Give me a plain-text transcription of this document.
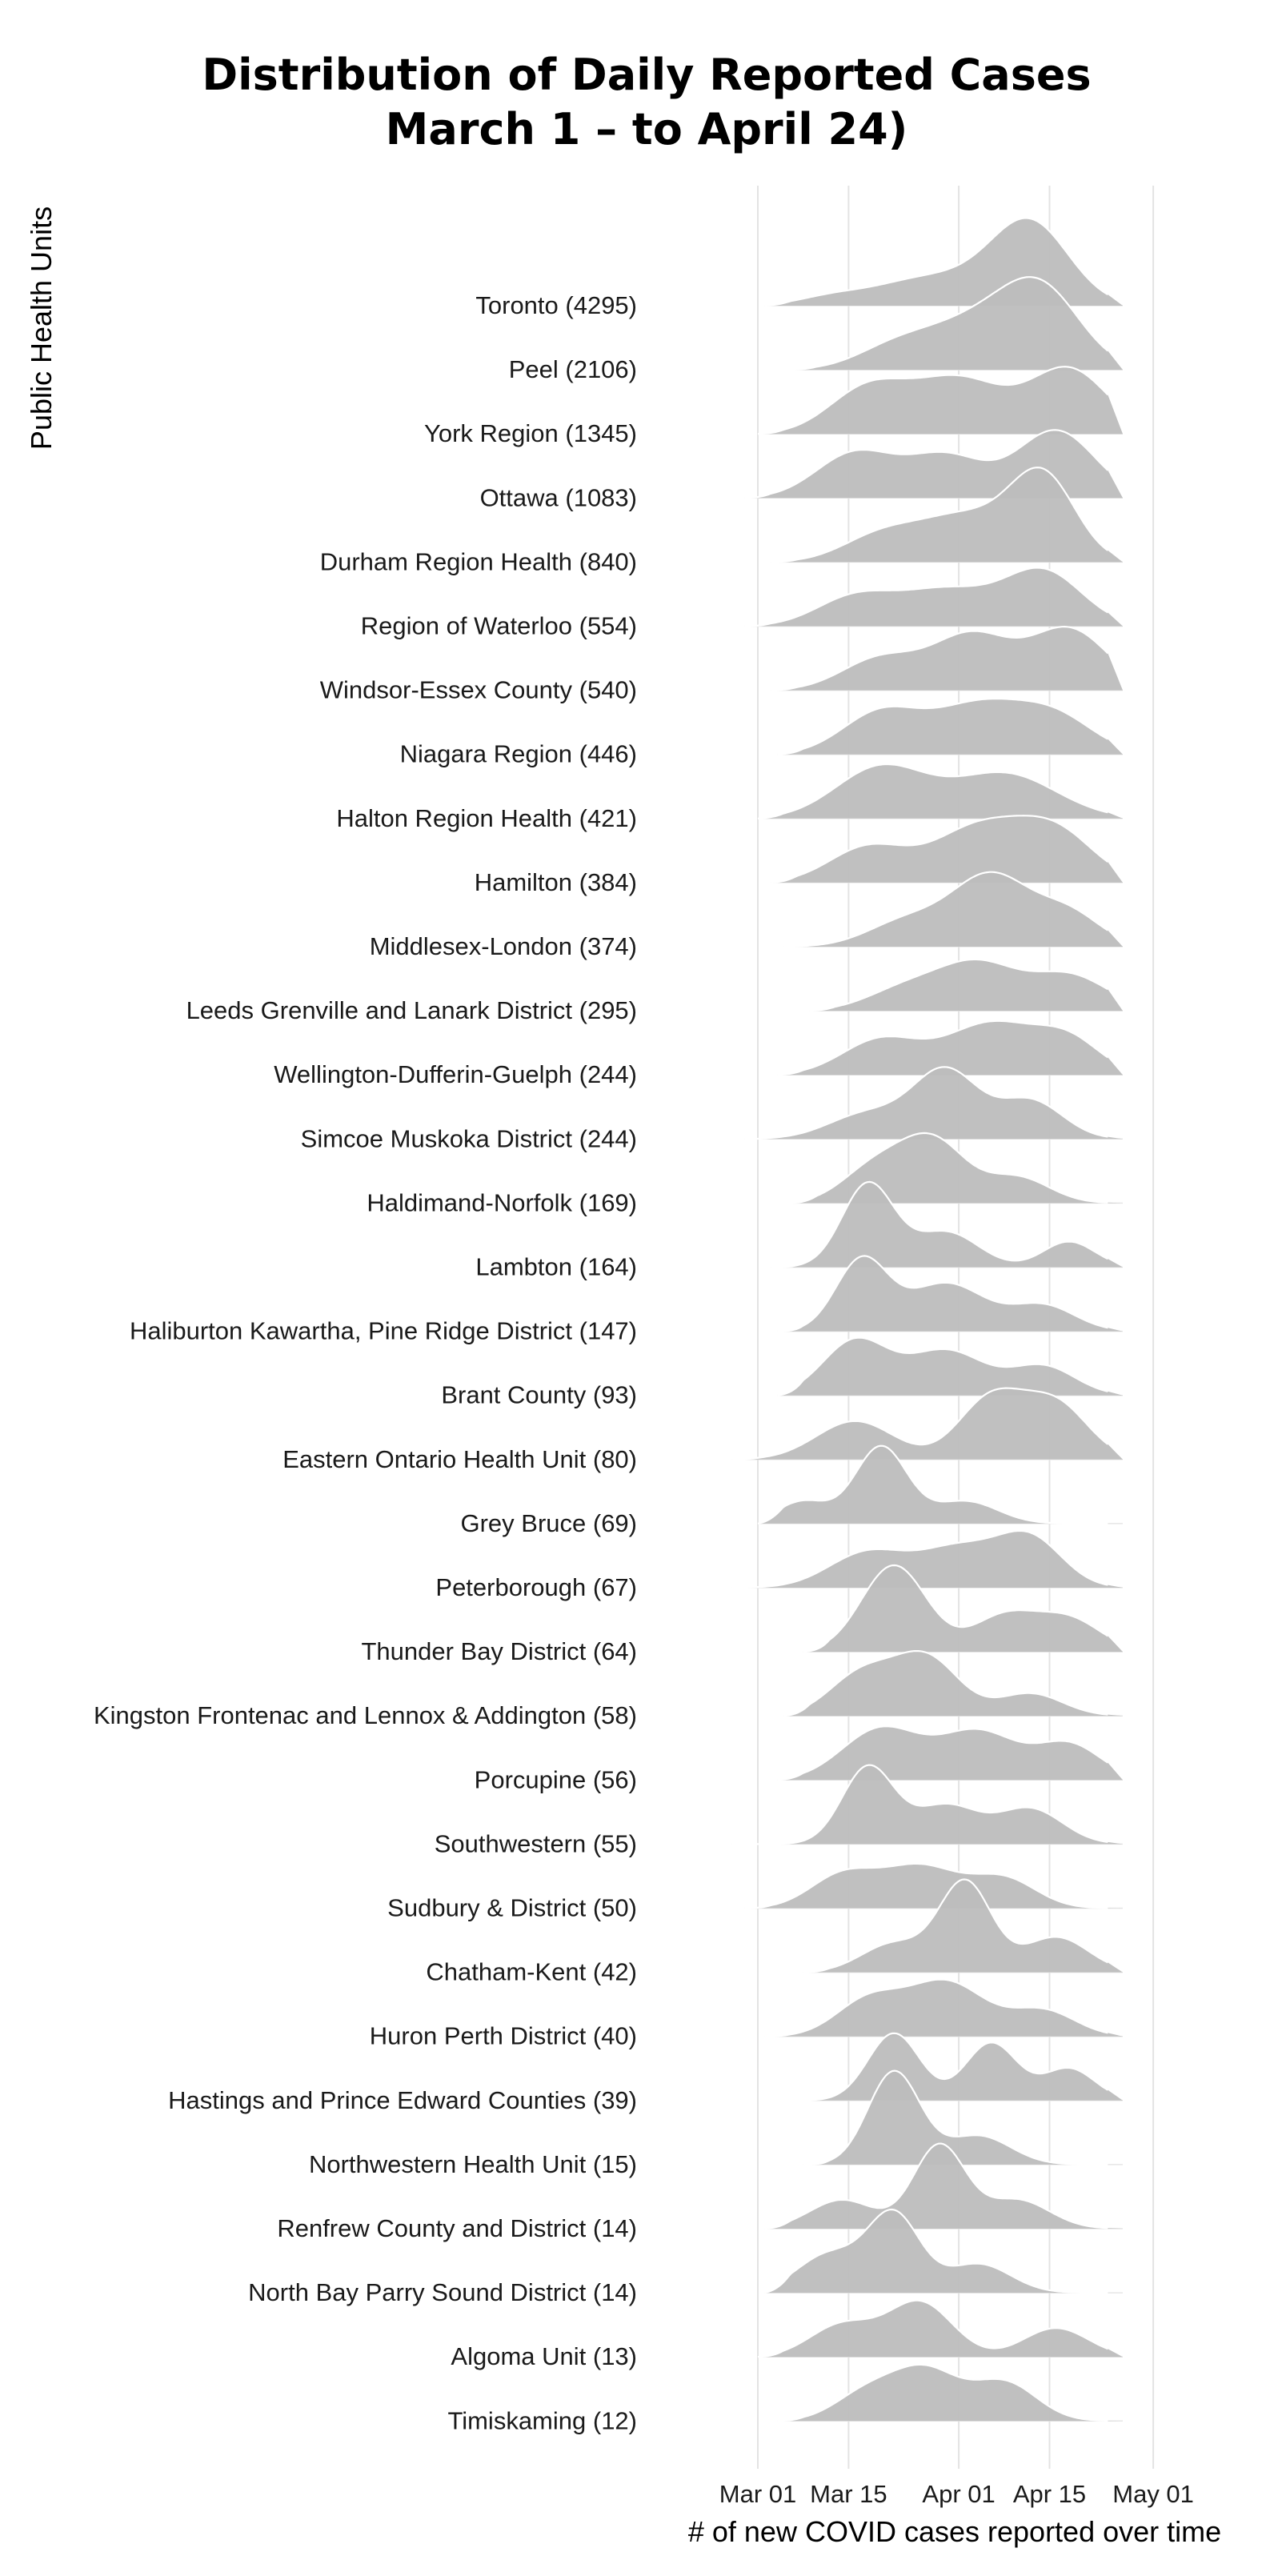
Distribution of Daily Reported Cases
March 1 – to April 24)
Public Health Units	Toronto (4295)
Peel (2106)
York Region (1345)
Ottawa (1083)
Durham Region Health (840)
Region of Waterloo (554)
Windsor-Essex County (540)
Niagara Region (446)
Halton Region Health (421)
Hamilton (384)
Middlesex-London (374)
Leeds Grenville and Lanark District (295)
Wellington-Dufferin-Guelph (244)
Simcoe Muskoka District (244)
Haldimand-Norfolk (169)
Lambton (164)
Haliburton Kawartha, Pine Ridge District (147)
Brant County (93)
Eastern Ontario Health Unit (80)
Grey Bruce (69)
Peterborough (67)
Thunder Bay District (64)
Kingston Frontenac and Lennox & Addington (58)
Porcupine (56)
Southwestern (55)
Sudbury & District (50)
Chatham-Kent (42)
Huron Perth District (40)
Hastings and Prince Edward Counties (39)
Northwestern Health Unit (15)
Renfrew County and District (14)
North Bay Parry Sound District (14)
Algoma Unit (13)
Timiskaming (12)
Mar 01 Mar 15 Apr 01 Apr 15 May 01
# of new COVID cases reported over time
